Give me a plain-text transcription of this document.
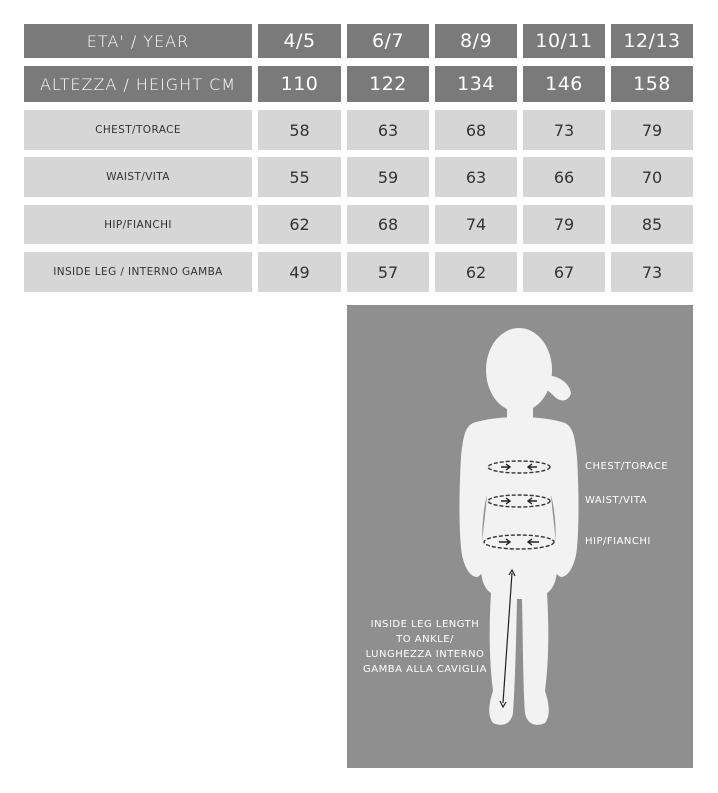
ETA' / YEAR	4/5	6/7	8/9	10/11	12/13
ALTEZZA / HEIGHT CM	110	122	134	146	158
CHEST/TORACE	58	63	68	73	79
WAIST/VITA	55	59	63	66	70
HIP/FIANCHI	62	68	74	79	85
INSIDE LEG / INTERNO GAMBA	49	57	62	67	73
CHEST/TORACE
WAIST/VITA
HIP/FIANCHI
INSIDE LEG LENGTH
TO ANKLE/
LUNGHEZZA INTERNO
GAMBA ALLA CAVIGLIA
